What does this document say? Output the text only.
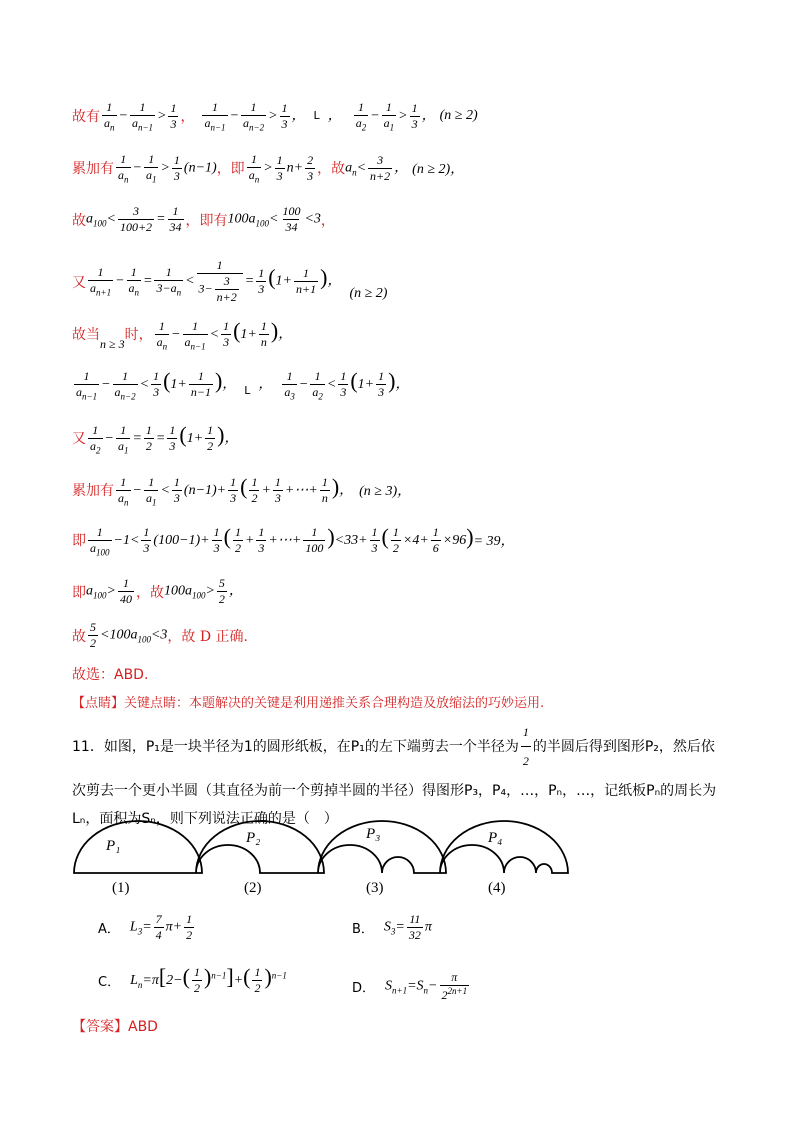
故有 $\frac{1}{a_n} - \frac{1}{a_{n-1}} > \frac{1}{3}$ ， $\frac{1}{a_{n-1}} - \frac{1}{a_{n-2}} > \frac{1}{3}$ ， L ， $\frac{1}{a_2} - \frac{1}{a_1} > \frac{1}{3}$ ， (n ≥ 2)
累加有 $\frac{1}{a_n} - \frac{1}{a_1} > \frac{1}{3} (n-1)$ ，即 $\frac{1}{a_n} > \frac{1}{3} n+ \frac{2}{3}$ ，故 $a_n< \frac{3}{n+2}$ ， (n ≥ 2)，
故 $a_{100}< \frac{3}{100+2} = \frac{1}{34}$ ，即有 $100a_{100}< \frac{100}{34} <3$ ，
又 $\frac{1}{a_{n+1}} - \frac{1}{a_n} = \frac{1}{3-a_n} < \frac{1}{3- \frac{3}{n+2}} = \frac{1}{3} (1+ \frac{1}{n+1}$ )，
(n ≥ 2)
故当
n ≥ 3
时， $\frac{1}{a_n} - \frac{1}{a_{n-1}} < \frac{1}{3} (1+ \frac{1}{n}$ )，
$\frac{1}{a_{n-1}} - \frac{1}{a_{n-2}} < \frac{1}{3} (1+ \frac{1}{n-1}$ )， $_L$ ， $\frac{1}{a_3} - \frac{1}{a_2} < \frac{1}{3} (1+ \frac{1}{3}$ )，
又 $\frac{1}{a_2} - \frac{1}{a_1} = \frac{1}{2} = \frac{1}{3} (1+ \frac{1}{2}$ )，
累加有 $\frac{1}{a_n} - \frac{1}{a_1} < \frac{1}{3} (n-1)+ \frac{1}{3}$ ( $\frac{1}{2} + \frac{1}{3}$ +⋯+ $\frac{1}{n}$ )， (n ≥ 3)，
即 $\frac{1}{a_{100}} -1< \frac{1}{3} (100-1)+ \frac{1}{3}$ ( $\frac{1}{2} + \frac{1}{3}$ +⋯+ $\frac{1}{100} )<33+ \frac{1}{3}$ ( $\frac{1}{2} \times 4+ \frac{1}{6} \times 96) = 39$，
即 $a_{100}> \frac{1}{40}$ ，故 $100a_{100}> \frac{5}{2}$ ，
故 $\frac{5}{2} <100a_{100}<3$ ，故 D 正确.
故选：ABD.
【点睛】关键点睛：本题解决的关键是利用递推关系合理构造及放缩法的巧妙运用.
11．如图，P₁是一块半径为1的圆形纸板，在P₁的左下端剪去一个半径为 $\frac{1}{2}$ 的半圆后得到图形P₂，然后依
次剪去一个更小半圆（其直径为前一个剪掉半圆的半径）得图形P₃，P₄，…，Pₙ，…，记纸板Pₙ的周长为
Lₙ，面积为Sₙ，则下列说法正确的是（　）
P₁	P₂	P₃	P₄
(1)	(2)	(3)	(4)
A． $L_3= \frac{7}{4} \pi+ \frac{1}{2}$	B． $S_3= \frac{11}{32}$ π
C． $L_n=\pi[2-( \frac{1}{2} )^{n-1}]+( \frac{1}{2} )^{n-1}$
D． $S_{n+1}=S_n- \frac{\pi}{2^{2n+1}}$
【答案】ABD
